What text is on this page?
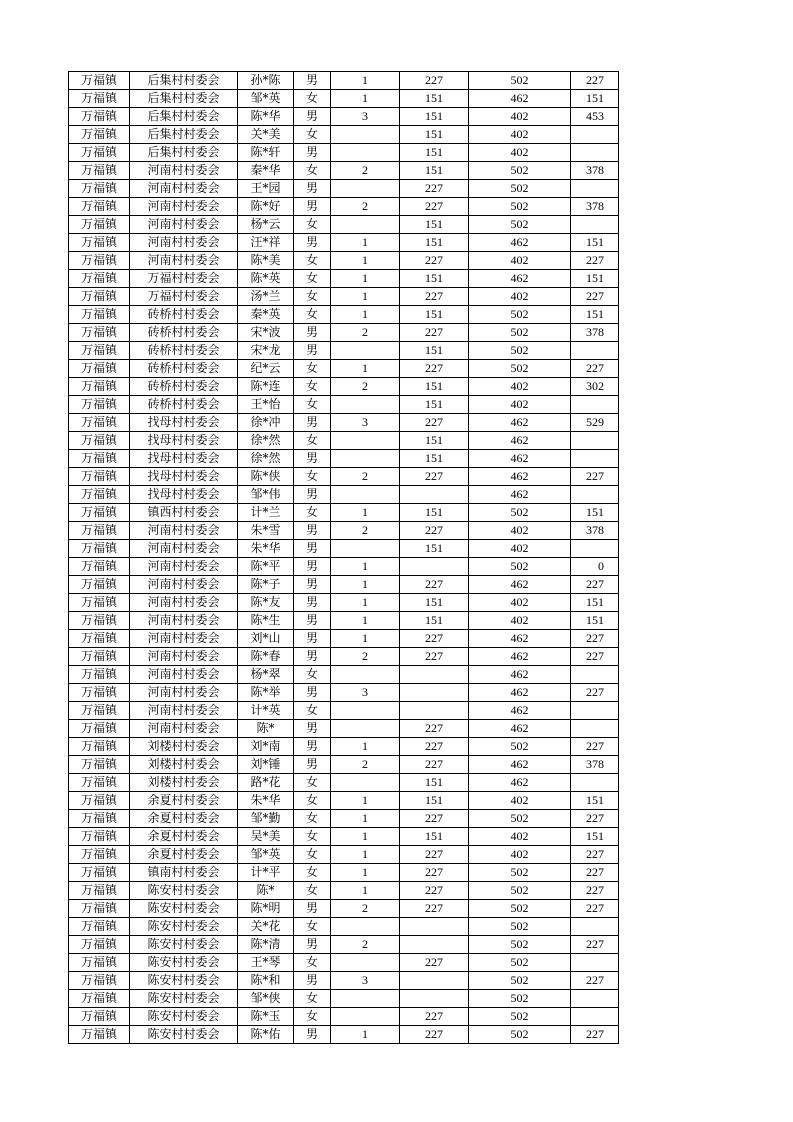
万福镇	后集村村委会	孙*陈	男	1	227	502	227
万福镇	后集村村委会	邹*英	女	1	151	462	151
万福镇	后集村村委会	陈*华	男	3	151	402	453
万福镇	后集村村委会	关*美	女		151	402	
万福镇	后集村村委会	陈*轩	男		151	402	
万福镇	河南村村委会	秦*华	女	2	151	502	378
万福镇	河南村村委会	王*园	男		227	502	
万福镇	河南村村委会	陈*好	男	2	227	502	378
万福镇	河南村村委会	杨*云	女		151	502	
万福镇	河南村村委会	汪*祥	男	1	151	462	151
万福镇	河南村村委会	陈*美	女	1	227	402	227
万福镇	万福村村委会	陈*英	女	1	151	462	151
万福镇	万福村村委会	汤*兰	女	1	227	402	227
万福镇	砖桥村村委会	秦*英	女	1	151	502	151
万福镇	砖桥村村委会	宋*波	男	2	227	502	378
万福镇	砖桥村村委会	宋*龙	男		151	502	
万福镇	砖桥村村委会	纪*云	女	1	227	502	227
万福镇	砖桥村村委会	陈*连	女	2	151	402	302
万福镇	砖桥村村委会	王*怡	女		151	402	
万福镇	找母村村委会	徐*冲	男	3	227	462	529
万福镇	找母村村委会	徐*然	女		151	462	
万福镇	找母村村委会	徐*然	男		151	462	
万福镇	找母村村委会	陈*侠	女	2	227	462	227
万福镇	找母村村委会	邹*伟	男			462	
万福镇	镇西村村委会	计*兰	女	1	151	502	151
万福镇	河南村村委会	朱*雪	男	2	227	402	378
万福镇	河南村村委会	朱*华	男		151	402	
万福镇	河南村村委会	陈*平	男	1		502	0
万福镇	河南村村委会	陈*子	男	1	227	462	227
万福镇	河南村村委会	陈*友	男	1	151	402	151
万福镇	河南村村委会	陈*生	男	1	151	402	151
万福镇	河南村村委会	刘*山	男	1	227	462	227
万福镇	河南村村委会	陈*春	男	2	227	462	227
万福镇	河南村村委会	杨*翠	女			462	
万福镇	河南村村委会	陈*举	男	3		462	227
万福镇	河南村村委会	计*英	女			462	
万福镇	河南村村委会	陈*	男		227	462	
万福镇	刘楼村村委会	刘*南	男	1	227	502	227
万福镇	刘楼村村委会	刘*锤	男	2	227	462	378
万福镇	刘楼村村委会	路*花	女		151	462	
万福镇	余夏村村委会	朱*华	女	1	151	402	151
万福镇	余夏村村委会	邹*勤	女	1	227	502	227
万福镇	余夏村村委会	吴*美	女	1	151	402	151
万福镇	余夏村村委会	邹*英	女	1	227	402	227
万福镇	镇南村村委会	计*平	女	1	227	502	227
万福镇	陈安村村委会	陈*	女	1	227	502	227
万福镇	陈安村村委会	陈*明	男	2	227	502	227
万福镇	陈安村村委会	关*花	女			502	
万福镇	陈安村村委会	陈*清	男	2		502	227
万福镇	陈安村村委会	王*琴	女		227	502	
万福镇	陈安村村委会	陈*和	男	3		502	227
万福镇	陈安村村委会	邹*侠	女			502	
万福镇	陈安村村委会	陈*玉	女		227	502	
万福镇	陈安村村委会	陈*佑	男	1	227	502	227
